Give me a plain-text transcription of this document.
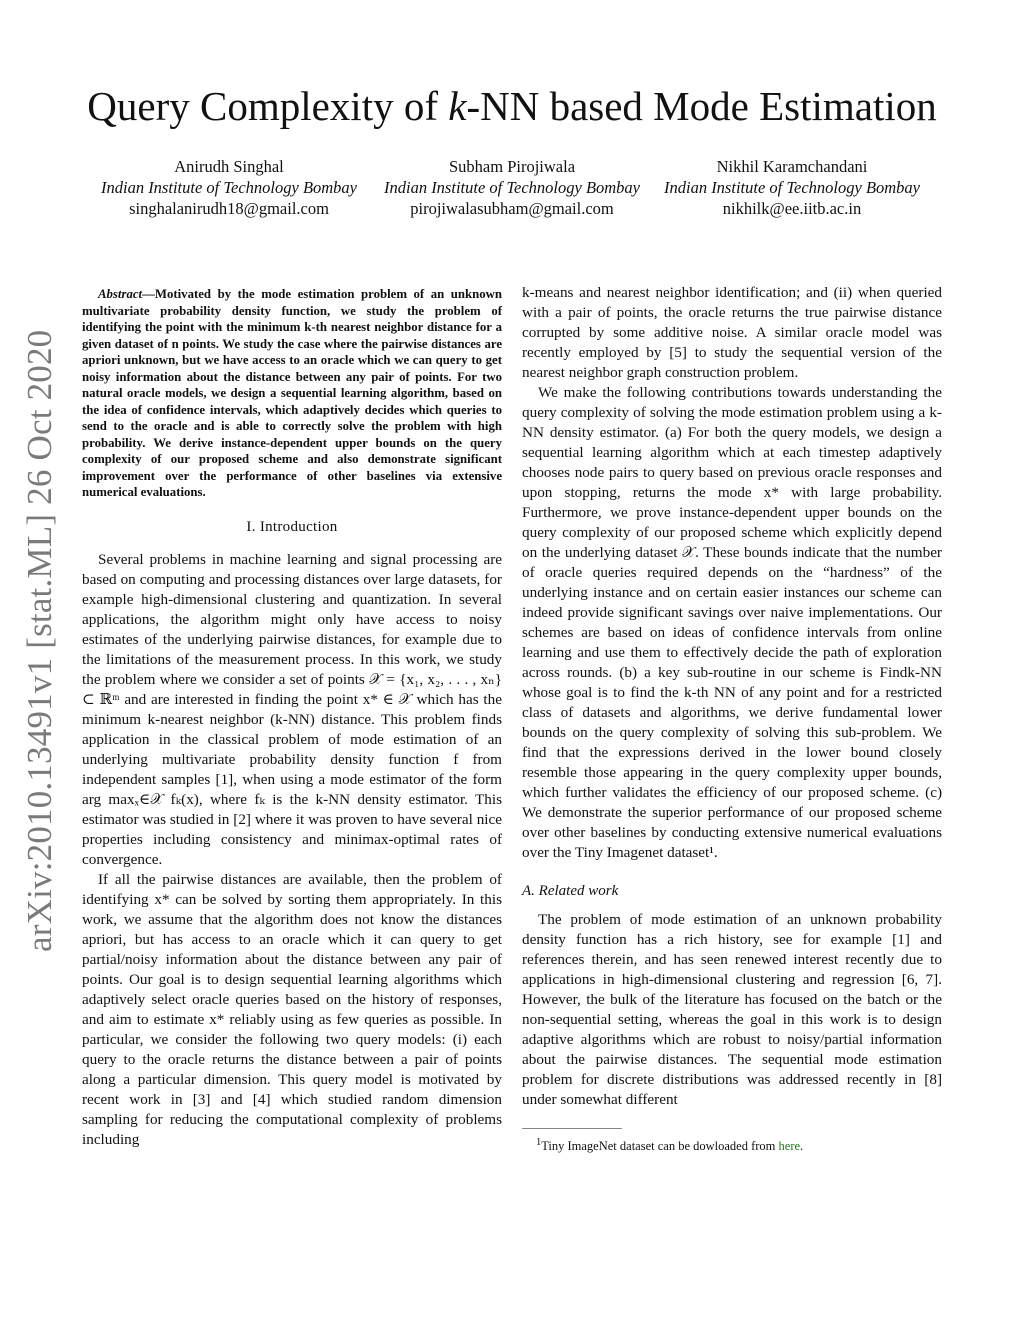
arXiv:2010.13491v1 [stat.ML] 26 Oct 2020
Query Complexity of k-NN based Mode Estimation
Anirudh Singhal
Indian Institute of Technology Bombay
singhalanirudh18@gmail.com
Subham Pirojiwala
Indian Institute of Technology Bombay
pirojiwalasubham@gmail.com
Nikhil Karamchandani
Indian Institute of Technology Bombay
nikhilk@ee.iitb.ac.in
Abstract—Motivated by the mode estimation problem of an unknown multivariate probability density function, we study the problem of identifying the point with the minimum k-th nearest neighbor distance for a given dataset of n points. We study the case where the pairwise distances are apriori unknown, but we have access to an oracle which we can query to get noisy information about the distance between any pair of points. For two natural oracle models, we design a sequential learning algorithm, based on the idea of confidence intervals, which adaptively decides which queries to send to the oracle and is able to correctly solve the problem with high probability. We derive instance-dependent upper bounds on the query complexity of our proposed scheme and also demonstrate significant improvement over the performance of other baselines via extensive numerical evaluations.
I. Introduction

Several problems in machine learning and signal processing are based on computing and processing distances over large datasets, for example high-dimensional clustering and quantization. In several applications, the algorithm might only have access to noisy estimates of the underlying pairwise distances, for example due to the limitations of the measurement process. In this work, we study the problem where we consider a set of points 𝒳 = {x₁, x₂, . . . , xₙ} ⊂ ℝᵐ and are interested in finding the point x* ∈ 𝒳 which has the minimum k-nearest neighbor (k-NN) distance. This problem finds application in the classical problem of mode estimation of an underlying multivariate probability density function f from independent samples [1], when using a mode estimator of the form arg maxₓ∈𝒳 fₖ(x), where fₖ is the k-NN density estimator. This estimator was studied in [2] where it was proven to have several nice properties including consistency and minimax-optimal rates of convergence.

If all the pairwise distances are available, then the problem of identifying x* can be solved by sorting them appropriately. In this work, we assume that the algorithm does not know the distances apriori, but has access to an oracle which it can query to get partial/noisy information about the distance between any pair of points. Our goal is to design sequential learning algorithms which adaptively select oracle queries based on the history of responses, and aim to estimate x* reliably using as few queries as possible. In particular, we consider the following two query models: (i) each query to the oracle returns the distance between a pair of points along a particular dimension. This query model is motivated by recent work in [3] and [4] which studied random dimension sampling for reducing the computational complexity of problems including

k-means and nearest neighbor identification; and (ii) when queried with a pair of points, the oracle returns the true pairwise distance corrupted by some additive noise. A similar oracle model was recently employed by [5] to study the sequential version of the nearest neighbor graph construction problem.

We make the following contributions towards understanding the query complexity of solving the mode estimation problem using a k-NN density estimator. (a) For both the query models, we design a sequential learning algorithm which at each timestep adaptively chooses node pairs to query based on previous oracle responses and upon stopping, returns the mode x* with large probability. Furthermore, we prove instance-dependent upper bounds on the query complexity of our proposed scheme which explicitly depend on the underlying dataset 𝒳. These bounds indicate that the number of oracle queries required depends on the “hardness” of the underlying instance and on certain easier instances our scheme can indeed provide significant savings over naive implementations. Our schemes are based on ideas of confidence intervals from online learning and use them to effectively decide the path of exploration across rounds. (b) a key sub-routine in our scheme is Findk-NN whose goal is to find the k-th NN of any point and for a restricted class of datasets and algorithms, we derive fundamental lower bounds on the query complexity of solving this sub-problem. We find that the expressions derived in the lower bound closely resemble those appearing in the query complexity upper bounds, which further validates the efficiency of our proposed scheme. (c) We demonstrate the superior performance of our proposed scheme over other baselines by conducting extensive numerical evaluations over the Tiny Imagenet dataset¹.

A. Related work

The problem of mode estimation of an unknown probability density function has a rich history, see for example [1] and references therein, and has seen renewed interest recently due to applications in high-dimensional clustering and regression [6, 7]. However, the bulk of the literature has focused on the batch or the non-sequential setting, whereas the goal in this work is to design adaptive algorithms which are robust to noisy/partial information about the pairwise distances. The sequential mode estimation problem for discrete distributions was addressed recently in [8] under somewhat different

$^1$Tiny ImageNet dataset can be dowloaded from here.
